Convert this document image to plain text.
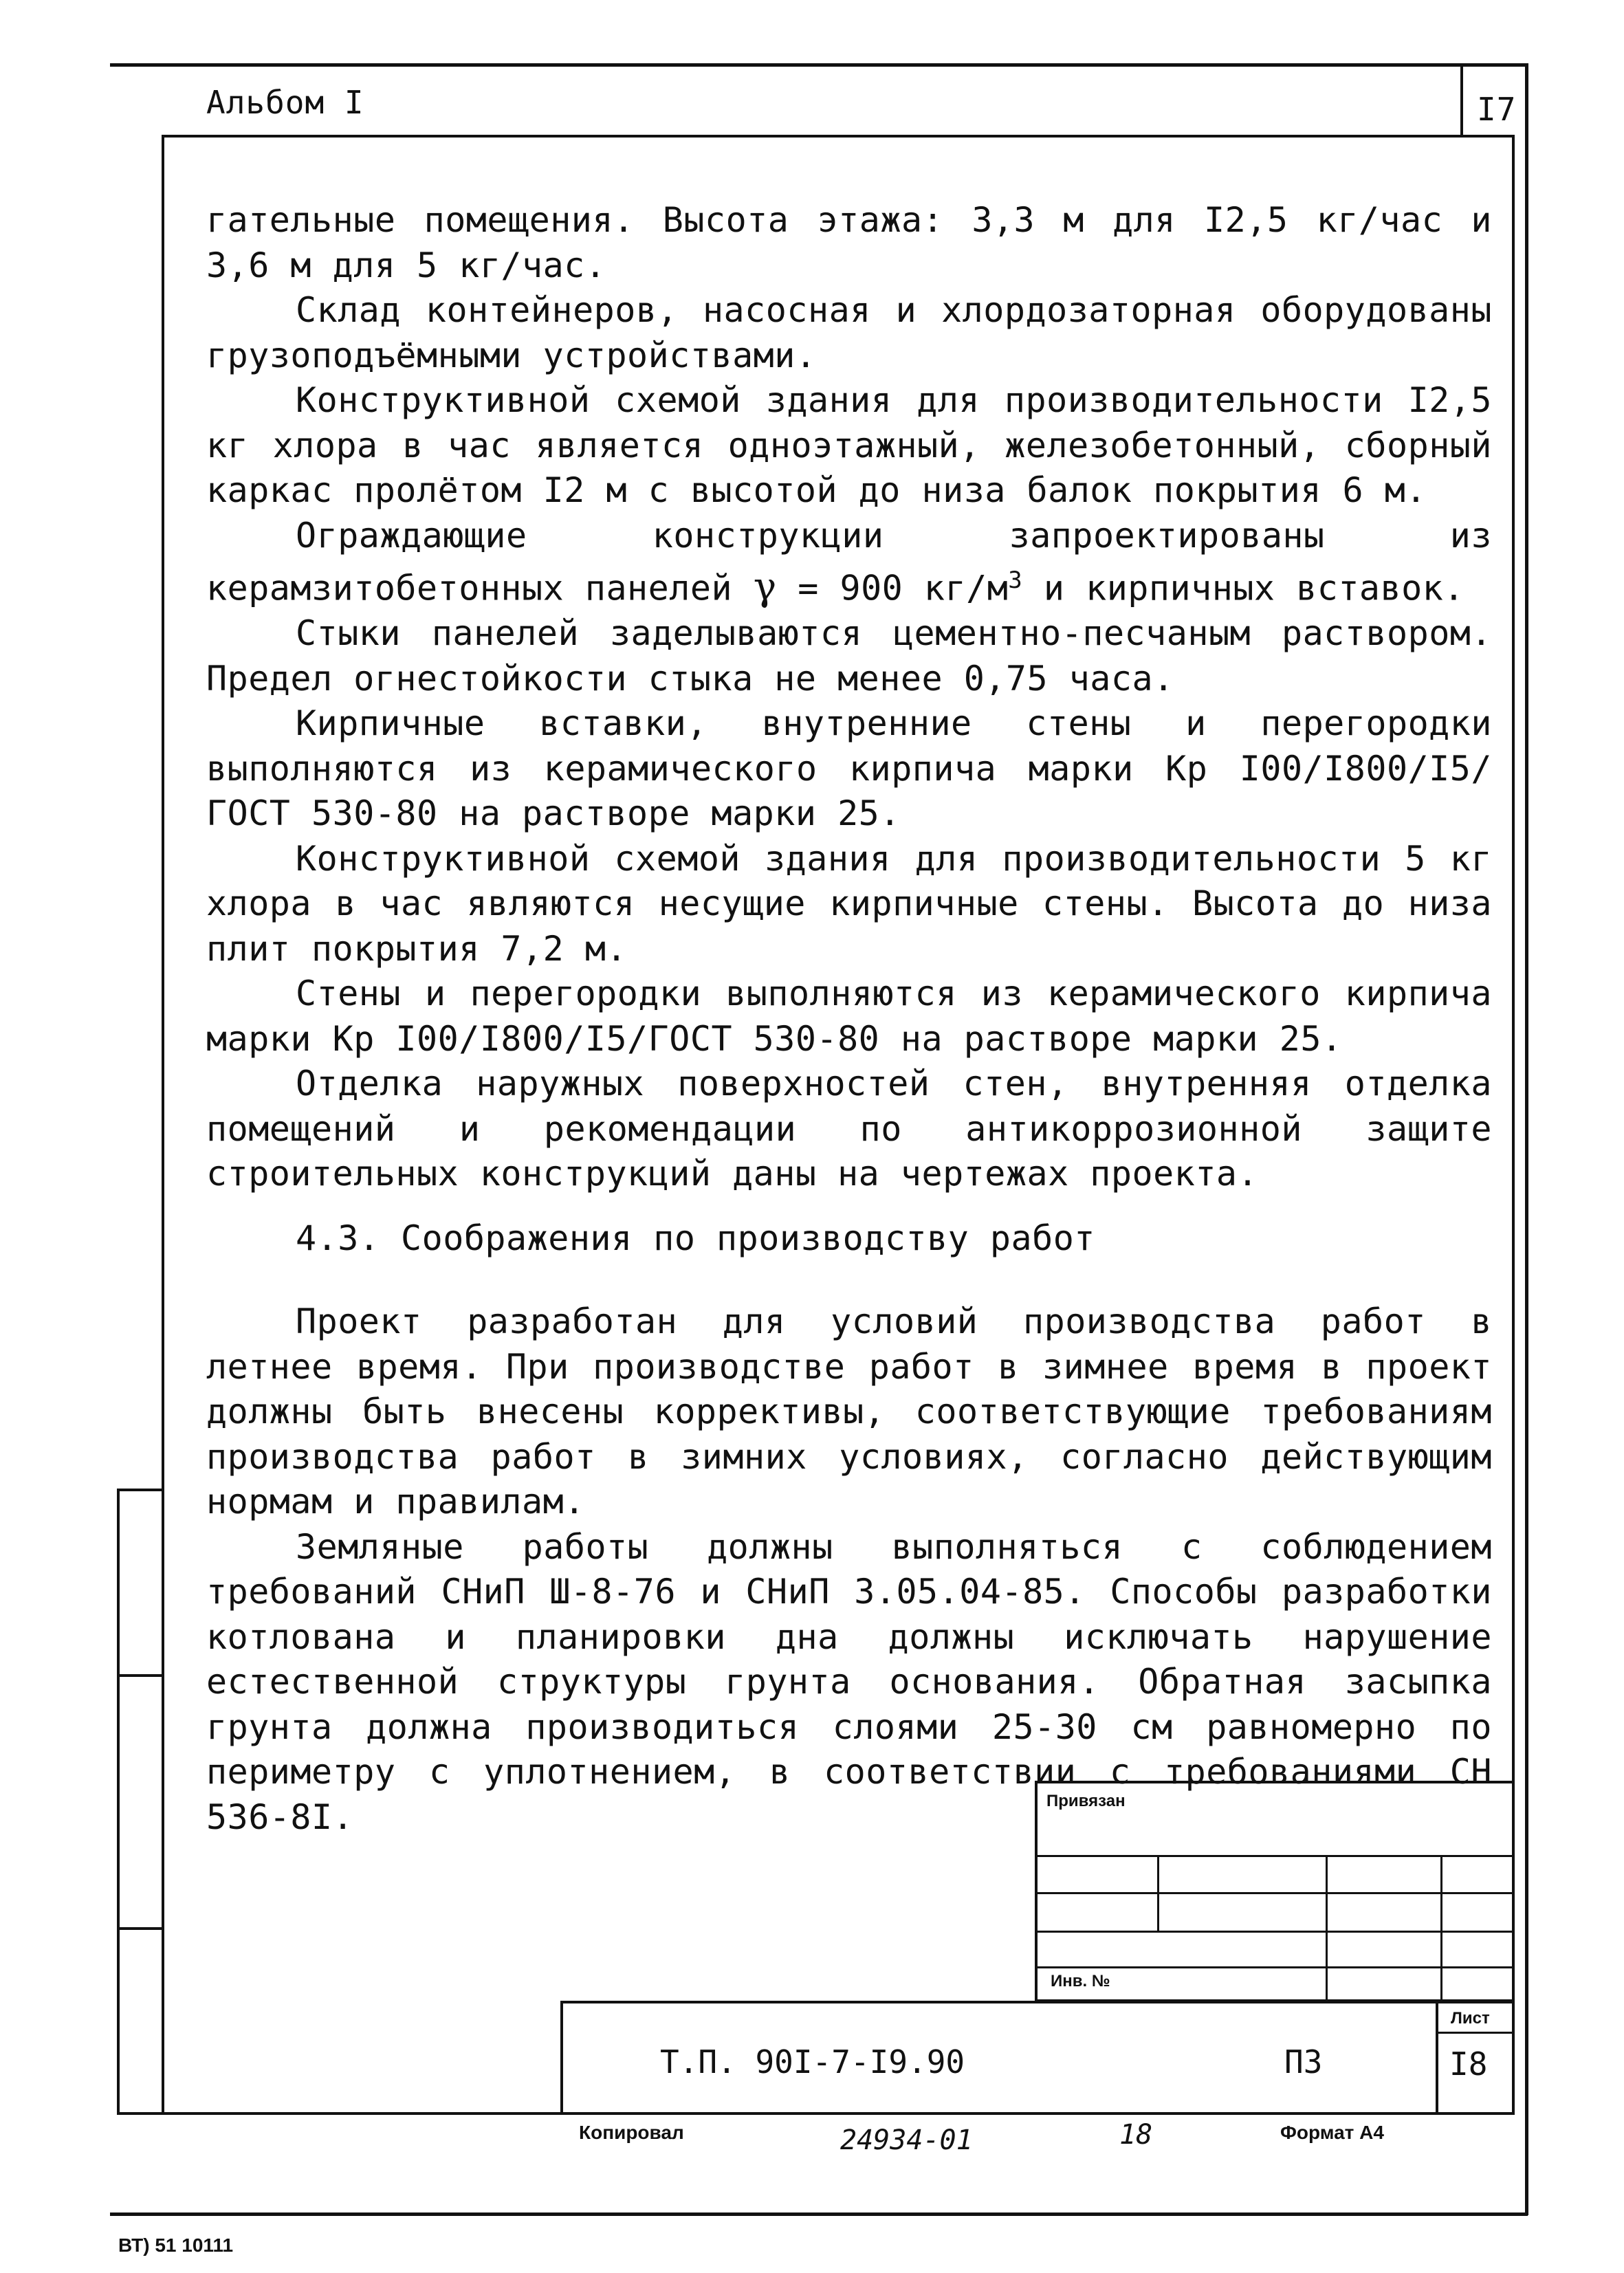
Альбом I	I7

гательные помещения. Высота этажа: 3,3 м для I2,5 кг/час и 3,6 м для 5 кг/час.

Склад контейнеров, насосная и хлордозаторная оборудованы грузоподъёмными устройствами.

Конструктивной схемой здания для производительности I2,5 кг хлора в час является одноэтажный, железобетонный, сборный каркас пролётом I2 м с высотой до низа балок покрытия 6 м.

Ограждающие конструкции запроектированы из керамзитобетонных панелей γ = 900 $кг/м^3$ и кирпичных вставок.

Стыки панелей заделываются цементно-песчаным раствором. Предел огнестойкости стыка не менее 0,75 часа.

Кирпичные вставки, внутренние стены и перегородки выполняются из керамического кирпича марки Кр I00/I800/I5/ГОСТ 530-80 на растворе марки 25.

Конструктивной схемой здания для производительности 5 кг хлора в час являются несущие кирпичные стены. Высота до низа плит покрытия 7,2 м.

Стены и перегородки выполняются из керамического кирпича марки Кр I00/I800/I5/ГОСТ 530-80 на растворе марки 25.

Отделка наружных поверхностей стен, внутренняя отделка помещений и рекомендации по антикоррозионной защите строительных конструкций даны на чертежах проекта.

4.3. Соображения по производству работ

Проект разработан для условий производства работ в летнее время. При производстве работ в зимнее время в проект должны быть внесены коррективы, соответствующие требованиям производства работ в зимних условиях, согласно действующим нормам и правилам.

Земляные работы должны выполняться с соблюдением требований СНиП Ш-8-76 и СНиП 3.05.04-85. Способы разработки котлована и планировки дна должны исключать нарушение естественной структуры грунта основания. Обратная засыпка грунта должна производиться слоями 25-30 см равномерно по периметру с уплотнением, в соответствии с требованиями СН 536-8I.	Привязан
Инв. №
Т.П. 90I-7-I9.90	ПЗ
Лист
I8
Копировал	24934-01	18	Формат А4
ВТ) 51 10111
